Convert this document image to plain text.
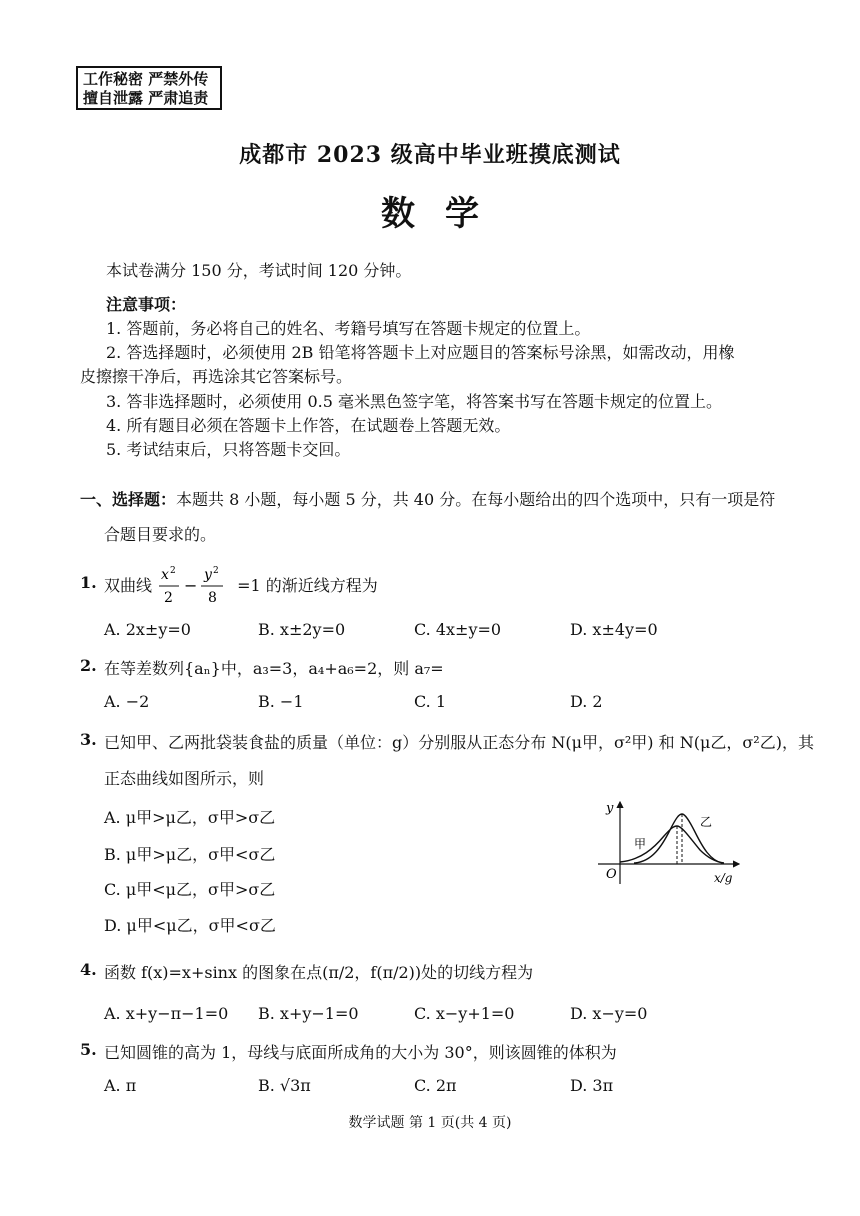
工作秘密 严禁外传
擅自泄露 严肃追责
成都市 2023 级高中毕业班摸底测试
数学
本试卷满分 150 分，考试时间 120 分钟。
注意事项：
1. 答题前，务必将自己的姓名、考籍号填写在答题卡规定的位置上。
2. 答选择题时，必须使用 2B 铅笔将答题卡上对应题目的答案标号涂黑，如需改动，用橡
皮擦擦干净后，再选涂其它答案标号。
3. 答非选择题时，必须使用 0.5 毫米黑色签字笔，将答案书写在答题卡规定的位置上。
4. 所有题目必须在答题卡上作答，在试题卷上答题无效。
5. 考试结束后，只将答题卡交回。
一、选择题：本题共 8 小题，每小题 5 分，共 40 分。在每小题给出的四个选项中，只有一项是符
合题目要求的。
1. 双曲线
x 2
2
−
y 2
8
=1 的渐近线方程为
A. 2x±y=0	B. x±2y=0	C. 4x±y=0	D. x±4y=0
2. 在等差数列{aₙ}中，a₃=3，a₄+a₆=2，则 a₇=
A. −2	B. −1	C. 1	D. 2
3. 已知甲、乙两批袋装食盐的质量（单位：g）分别服从正态分布 N(μ甲，σ²甲) 和 N(μ乙，σ²乙)，其
正态曲线如图所示，则
A. μ甲>μ乙，σ甲>σ乙
B. μ甲>μ乙，σ甲<σ乙
C. μ甲<μ乙，σ甲>σ乙
D. μ甲<μ乙，σ甲<σ乙
y
x/g
O
甲
乙
4. 函数 f(x)=x+sinx 的图象在点(π/2，f(π/2))处的切线方程为
A. x+y−π−1=0 B. x+y−1=0	C. x−y+1=0	D. x−y=0
5. 已知圆锥的高为 1，母线与底面所成角的大小为 30°，则该圆锥的体积为
A. π	B. √3π	C. 2π	D. 3π
数学试题 第 1 页(共 4 页)
